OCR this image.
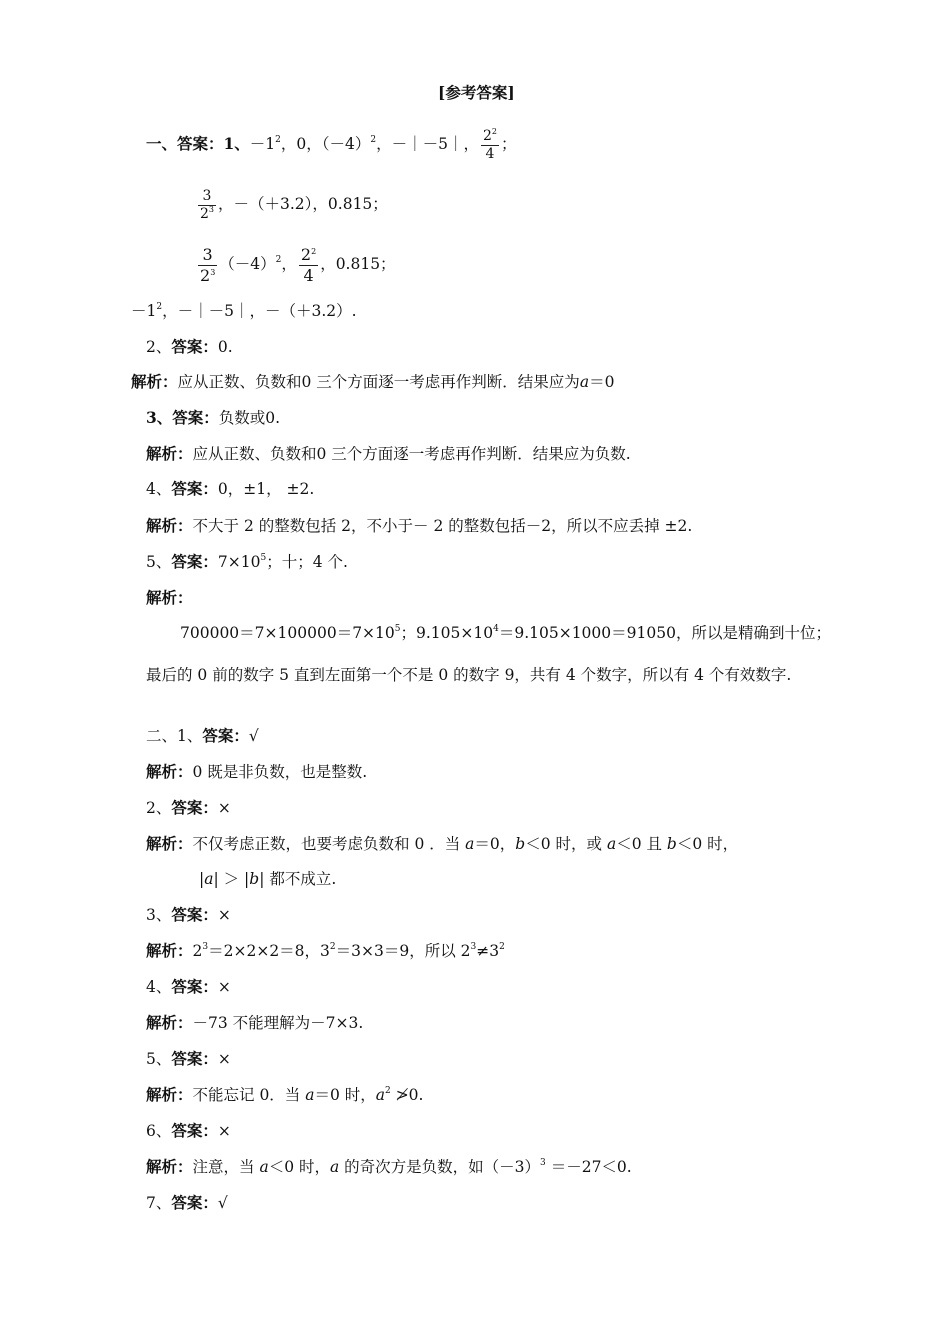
[参考答案]
一、答案：1、$-1^2$，0，$(-4)^2$，－｜－5｜， $\frac{2^2}{4}$ ；
$\frac{3}{2^3}$ ，－（＋3.2），0.815；
$\frac{3}{2^3} (-4)^2$， $\frac{2^2}{4}$ ，0.815；
$-1^2$，－｜－5｜，－（＋3.2）.
2、答案：0.
解析：应从正数、负数和0 三个方面逐一考虑再作判断．结果应为a＝0
3、答案：负数或0.
解析：应从正数、负数和0 三个方面逐一考虑再作判断．结果应为负数.
4、答案：0，±1， ±2.
解析：不大于 2 的整数包括 2，不小于－ 2 的整数包括－2，所以不应丢掉 ±2.
5、答案：$7\times 10^5$；十；4 个.
解析：
$700000=7\times 100000=7\times 10^5$；$9.105\times 10^4=9.105\times 1000=91050$，所以是精确到十位；
最后的 0 前的数字 5 直到左面第一个不是 0 的数字 9，共有 4 个数字，所以有 4 个有效数字.
二、1、答案：√
解析：0 既是非负数，也是整数.
2、答案：×
解析：不仅考虑正数，也要考虑负数和 0 ．当 a＝0，b＜0 时，或 a＜0 且 b＜0 时，
|a| ＞ |b| 都不成立.
3、答案：×
解析：$2^3=2\times 2\times 2=8$，$3^2=3\times 3=9$，所以 $2^3\ne 3^2$
4、答案：×
解析：－73 不能理解为－7×3.
5、答案：×
解析：不能忘记 0．当 a＝0 时，$a^2$ ≯0.
6、答案：×
解析：注意，当 a＜0 时，a 的奇次方是负数，如$(-3)^3 =-27<0$.
7、答案：√
